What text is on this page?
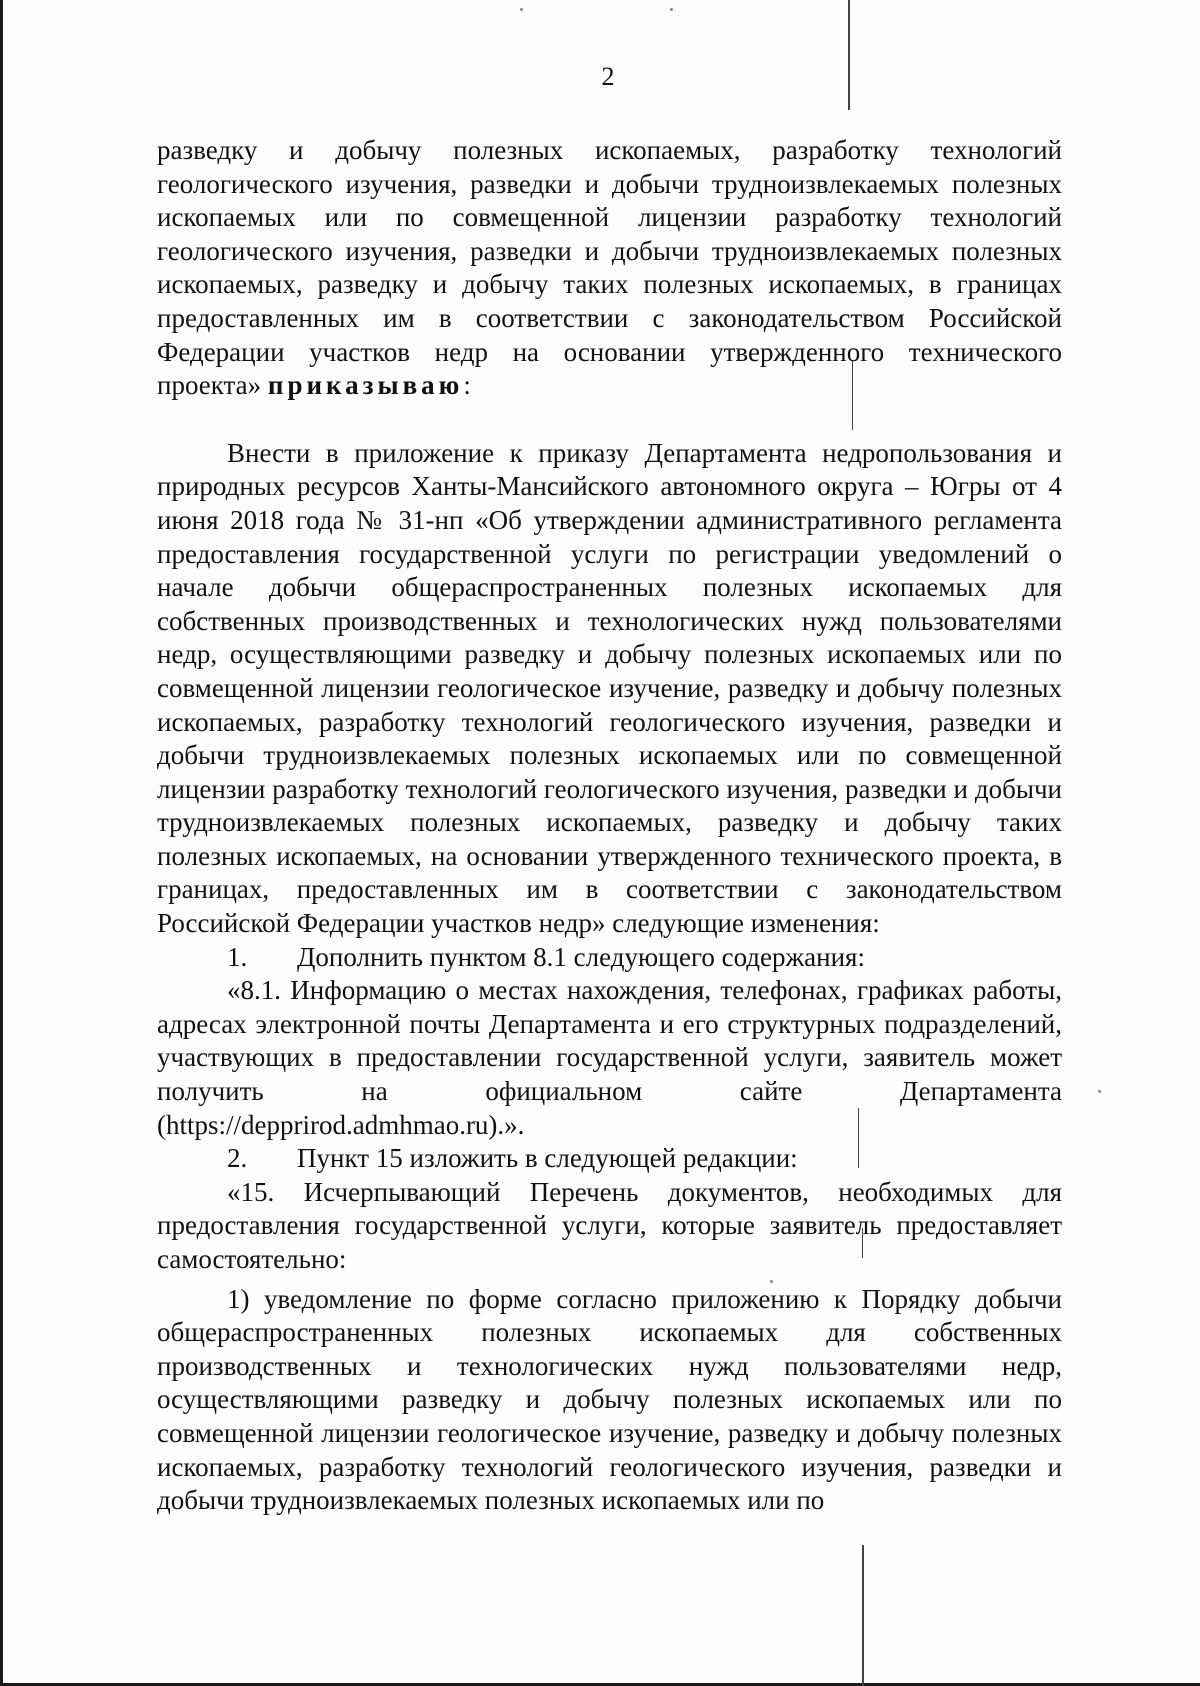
2

разведку и добычу полезных ископаемых, разработку технологий геологического изучения, разведки и добычи трудноизвлекаемых полезных ископаемых или по совмещенной лицензии разработку технологий геологического изучения, разведки и добычи трудноизвлекаемых полезных ископаемых, разведку и добычу таких полезных ископаемых, в границах предоставленных им в соответствии с законодательством Российской Федерации участков недр на основании утвержденного технического проекта» приказываю:

Внести в приложение к приказу Департамента недропользования и природных ресурсов Ханты-Мансийского автономного округа – Югры от 4 июня 2018 года № 31-нп «Об утверждении административного регламента предоставления государственной услуги по регистрации уведомлений о начале добычи общераспространенных полезных ископаемых для собственных производственных и технологических нужд пользователями недр, осуществляющими разведку и добычу полезных ископаемых или по совмещенной лицензии геологическое изучение, разведку и добычу полезных ископаемых, разработку технологий геологического изучения, разведки и добычи трудноизвлекаемых полезных ископаемых или по совмещенной лицензии разработку технологий геологического изучения, разведки и добычи трудноизвлекаемых полезных ископаемых, разведку и добычу таких полезных ископаемых, на основании утвержденного технического проекта, в границах, предоставленных им в соответствии с законодательством Российской Федерации участков недр» следующие изменения:

1.	Дополнить пунктом 8.1 следующего содержания:

«8.1. Информацию о местах нахождения, телефонах, графиках работы, адресах электронной почты Департамента и его структурных подразделений, участвующих в предоставлении государственной услуги, заявитель может получить на официальном сайте Департамента (https://depprirod.admhmao.ru).».

2.	Пункт 15 изложить в следующей редакции:

«15. Исчерпывающий Перечень документов, необходимых для предоставления государственной услуги, которые заявитель предоставляет самостоятельно:

1) уведомление по форме согласно приложению к Порядку добычи общераспространенных полезных ископаемых для собственных производственных и технологических нужд пользователями недр, осуществляющими разведку и добычу полезных ископаемых или по совмещенной лицензии геологическое изучение, разведку и добычу полезных ископаемых, разработку технологий геологического изучения, разведки и добычи трудноизвлекаемых полезных ископаемых или по
